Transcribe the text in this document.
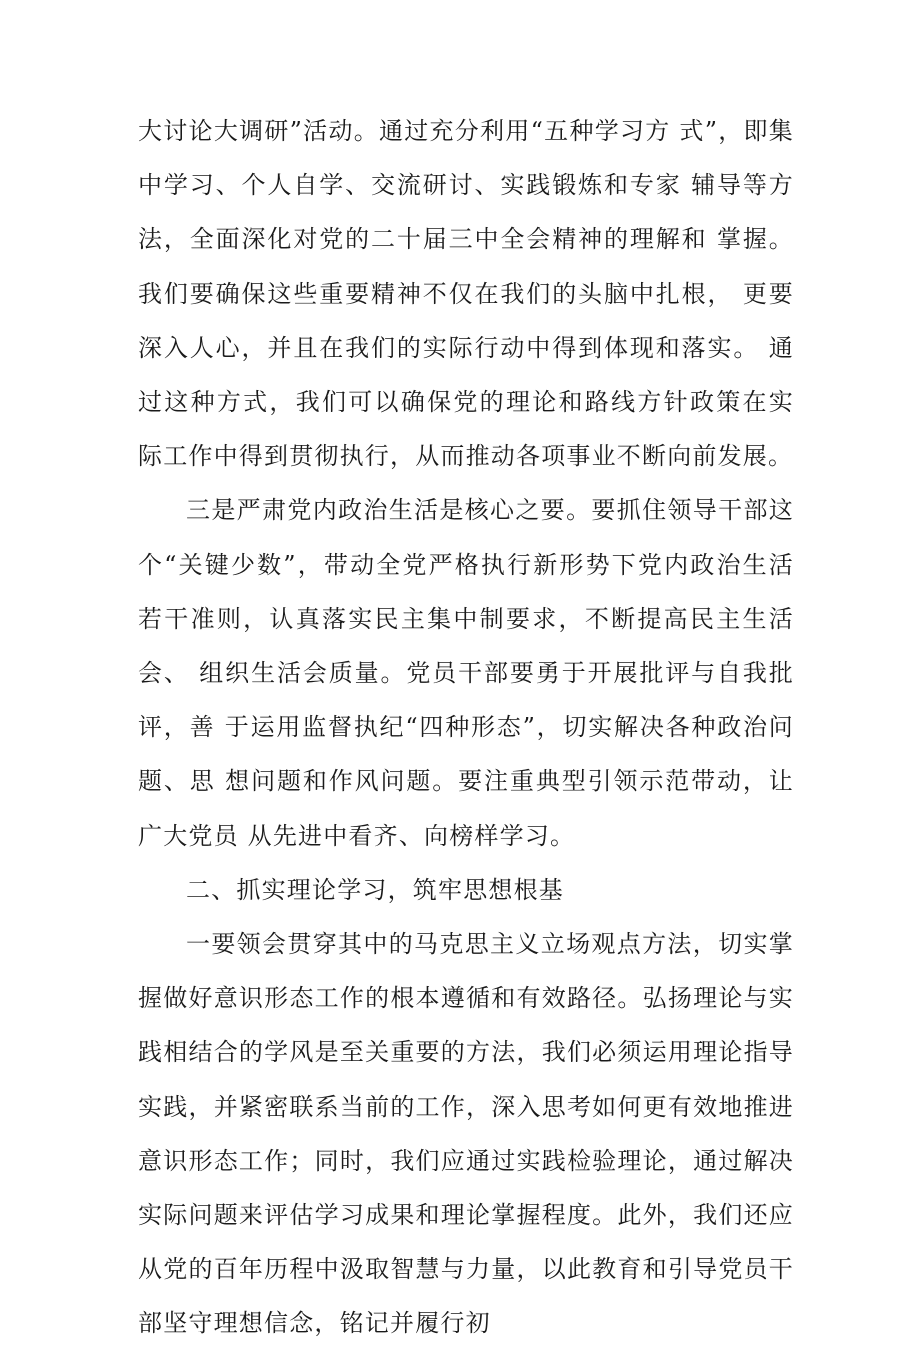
大讨论大调研”活动。通过充分利用“五种学习方 式”，即集中学习、个人自学、交流研讨、实践锻炼和专家 辅导等方法，全面深化对党的二十届三中全会精神的理解和 掌握。我们要确保这些重要精神不仅在我们的头脑中扎根， 更要深入人心，并且在我们的实际行动中得到体现和落实。 通过这种方式，我们可以确保党的理论和路线方针政策在实 际工作中得到贯彻执行，从而推动各项事业不断向前发展。

三是严肃党内政治生活是核心之要。要抓住领导干部这 个“关键少数”，带动全党严格执行新形势下党内政治生活 若干准则，认真落实民主集中制要求，不断提高民主生活会、 组织生活会质量。党员干部要勇于开展批评与自我批评，善 于运用监督执纪“四种形态”，切实解决各种政治问题、思 想问题和作风问题。要注重典型引领示范带动，让广大党员 从先进中看齐、向榜样学习。

二、抓实理论学习，筑牢思想根基

一要领会贯穿其中的马克思主义立场观点方法，切实掌 握做好意识形态工作的根本遵循和有效路径。弘扬理论与实 践相结合的学风是至关重要的方法，我们必须运用理论指导 实践，并紧密联系当前的工作，深入思考如何更有效地推进 意识形态工作；同时，我们应通过实践检验理论，通过解决 实际问题来评估学习成果和理论掌握程度。此外，我们还应 从党的百年历程中汲取智慧与力量，以此教育和引导党员干 部坚守理想信念，铭记并履行初
